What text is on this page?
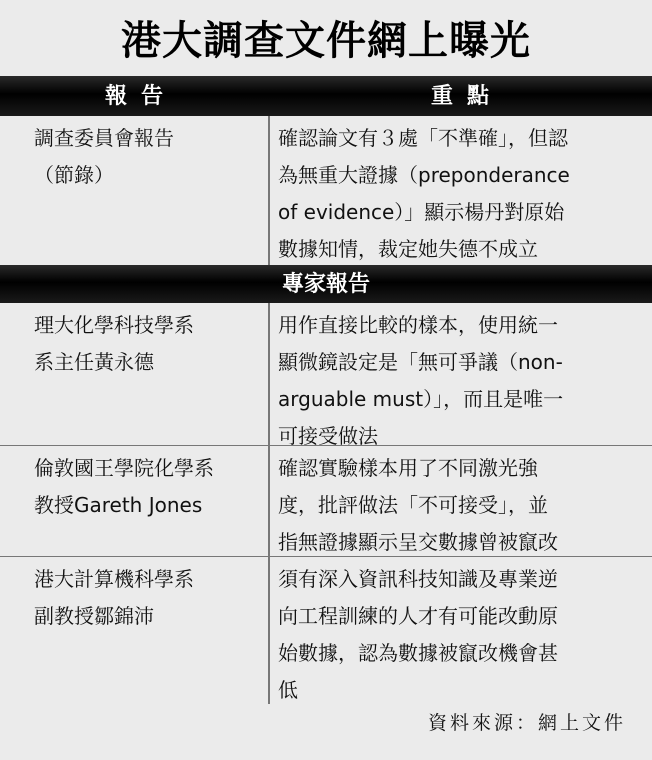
港大調查文件網上曝光
報告	重點
調查委員會報告
（節錄）
確認論文有３處「不準確」，但認
為無重大證據（preponderance
of evidence）」顯示楊丹對原始
數據知情，裁定她失德不成立
專家報告
理大化學科技學系
系主任黃永德
用作直接比較的樣本，使用統一
顯微鏡設定是「無可爭議（non-
arguable must）」，而且是唯一
可接受做法
倫敦國王學院化學系
教授Gareth Jones
確認實驗樣本用了不同激光強
度，批評做法「不可接受」，並
指無證據顯示呈交數據曾被竄改
港大計算機科學系
副教授鄒錦沛
須有深入資訊科技知識及專業逆
向工程訓練的人才有可能改動原
始數據，認為數據被竄改機會甚
低
資料來源：網上文件
